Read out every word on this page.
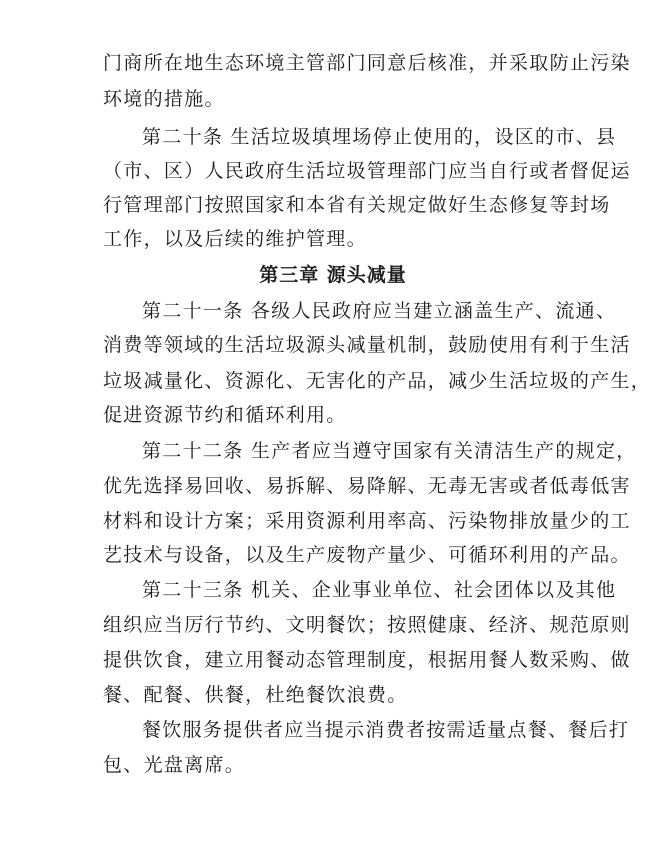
门商所在地生态环境主管部门同意后核准，并采取防止污染
环境的措施。
第二十条 生活垃圾填埋场停止使用的，设区的市、县
（市、区）人民政府生活垃圾管理部门应当自行或者督促运
行管理部门按照国家和本省有关规定做好生态修复等封场
工作，以及后续的维护管理。
第三章 源头减量
第二十一条 各级人民政府应当建立涵盖生产、流通、
消费等领域的生活垃圾源头减量机制，鼓励使用有利于生活
垃圾减量化、资源化、无害化的产品，减少生活垃圾的产生，
促进资源节约和循环利用。
第二十二条 生产者应当遵守国家有关清洁生产的规定，
优先选择易回收、易拆解、易降解、无毒无害或者低毒低害
材料和设计方案；采用资源利用率高、污染物排放量少的工
艺技术与设备，以及生产废物产量少、可循环利用的产品。
第二十三条 机关、企业事业单位、社会团体以及其他
组织应当厉行节约、文明餐饮；按照健康、经济、规范原则
提供饮食，建立用餐动态管理制度，根据用餐人数采购、做
餐、配餐、供餐，杜绝餐饮浪费。
餐饮服务提供者应当提示消费者按需适量点餐、餐后打
包、光盘离席。
